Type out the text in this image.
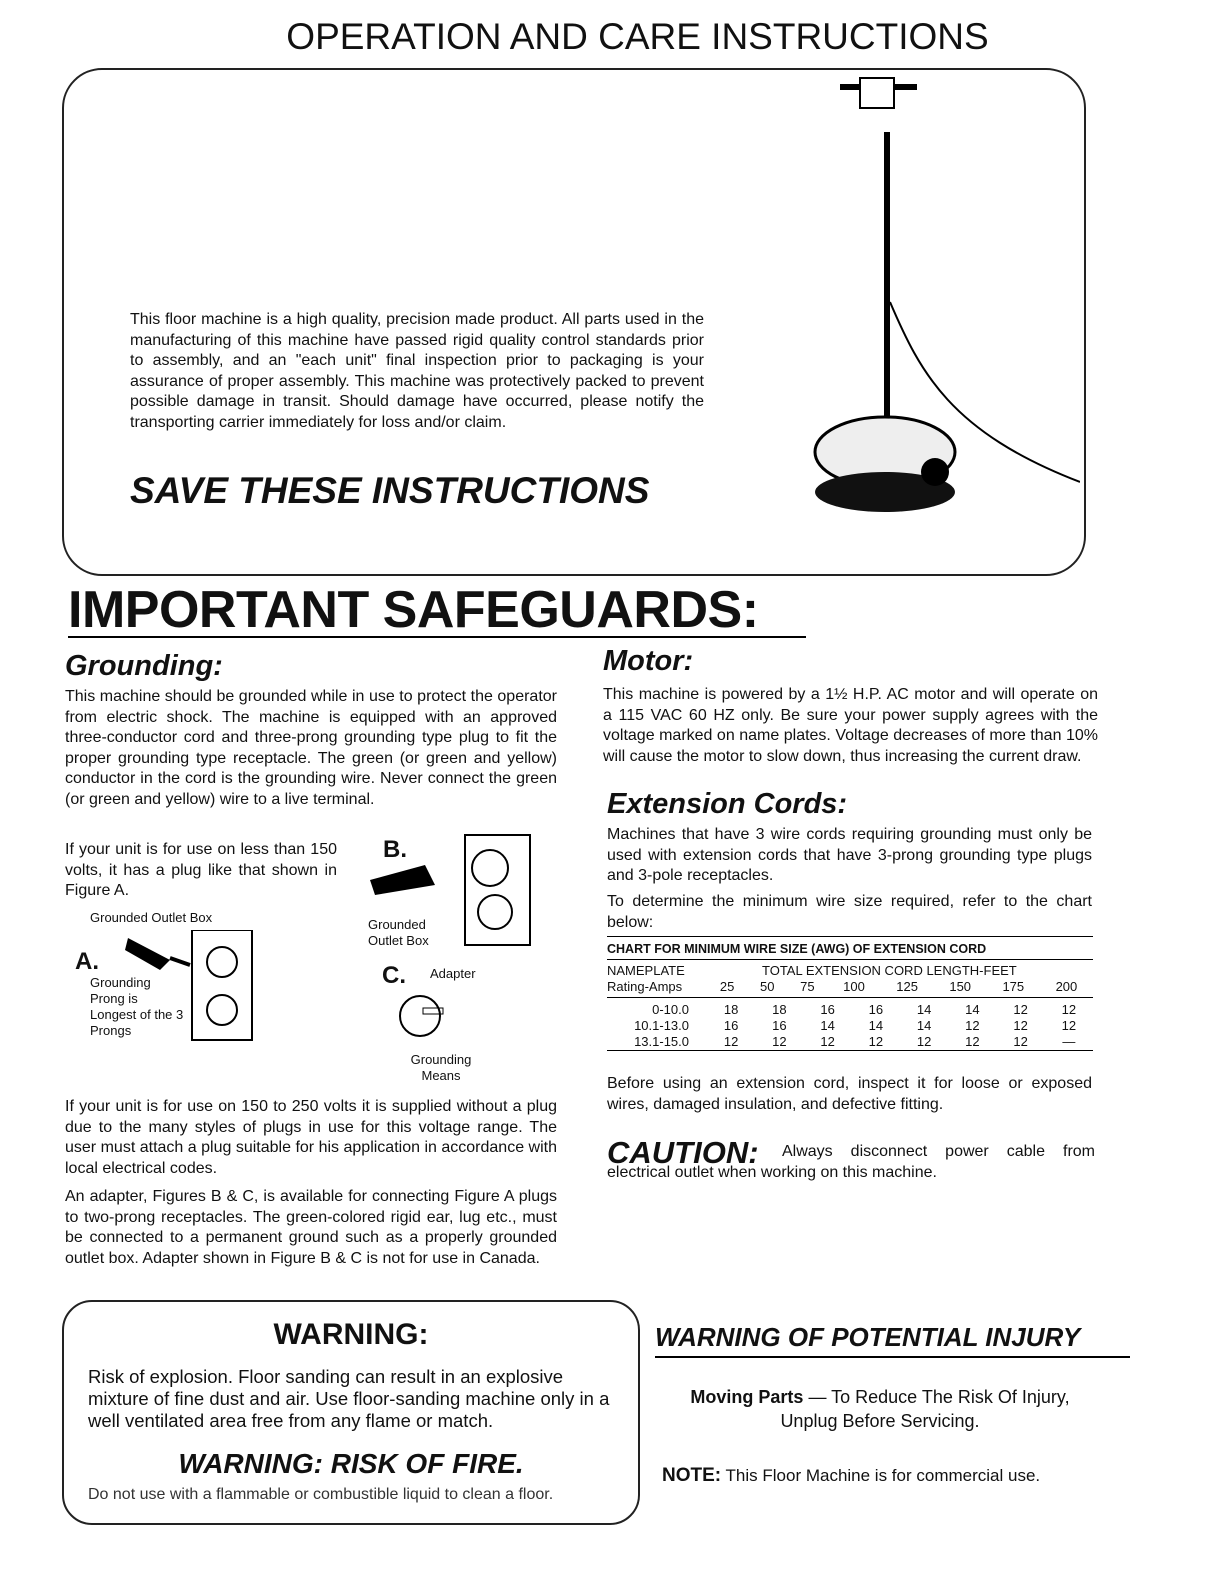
OPERATION AND CARE INSTRUCTIONS
This floor machine is a high quality, precision made product. All parts used in the manufacturing of this machine have passed rigid quality control standards prior to assembly, and an "each unit" final inspection prior to packaging is your assurance of proper assembly. This machine was protectively packed to prevent possible damage in transit. Should damage have occurred, please notify the transporting carrier immediately for loss and/or claim.
SAVE THESE INSTRUCTIONS
IMPORTANT SAFEGUARDS:
Grounding:
This machine should be grounded while in use to protect the operator from electric shock. The machine is equipped with an approved three-conductor cord and three-prong grounding type plug to fit the proper grounding type receptacle. The green (or green and yellow) conductor in the cord is the grounding wire. Never connect the green (or green and yellow) wire to a live terminal.
If your unit is for use on less than 150 volts, it has a plug like that shown in Figure A.
Grounded Outlet Box
A.
Grounding Prong is Longest of the 3 Prongs
B.
Grounded Outlet Box
C. Adapter
Grounding Means
If your unit is for use on 150 to 250 volts it is supplied without a plug due to the many styles of plugs in use for this voltage range. The user must attach a plug suitable for his application in accordance with local electrical codes.
An adapter, Figures B & C, is available for connecting Figure A plugs to two-prong receptacles. The green-colored rigid ear, lug etc., must be connected to a permanent ground such as a properly grounded outlet box. Adapter shown in Figure B & C is not for use in Canada.
Motor:
This machine is powered by a 1½ H.P. AC motor and will operate on a 115 VAC 60 HZ only. Be sure your power supply agrees with the voltage marked on name plates. Voltage decreases of more than 10% will cause the motor to slow down, thus increasing the current draw.
Extension Cords:
Machines that have 3 wire cords requiring grounding must only be used with extension cords that have 3-prong grounding type plugs and 3-pole receptacles.
To determine the minimum wire size required, refer to the chart below:
CHART FOR MINIMUM WIRE SIZE (AWG) OF EXTENSION CORD
NAMEPLATE
Rating-Amps
TOTAL EXTENSION CORD LENGTH-FEET
25	50	75	100	125	150	175	200
0-10.0	18	18	16	16	14	14	12	12
10.1-13.0	16	16	14	14	14	12	12	12
13.1-15.0	12	12	12	12	12	12	12	—
Before using an extension cord, inspect it for loose or exposed wires, damaged insulation, and defective fitting.
CAUTION:	Always disconnect power cable from electrical outlet when working on this machine.
WARNING:
Risk of explosion. Floor sanding can result in an explosive mixture of fine dust and air. Use floor-sanding machine only in a well ventilated area free from any flame or match.
WARNING: RISK OF FIRE.
Do not use with a flammable or combustible liquid to clean a floor.
WARNING OF POTENTIAL INJURY
Moving Parts — To Reduce The Risk Of Injury, Unplug Before Servicing.
NOTE: This Floor Machine is for commercial use.
